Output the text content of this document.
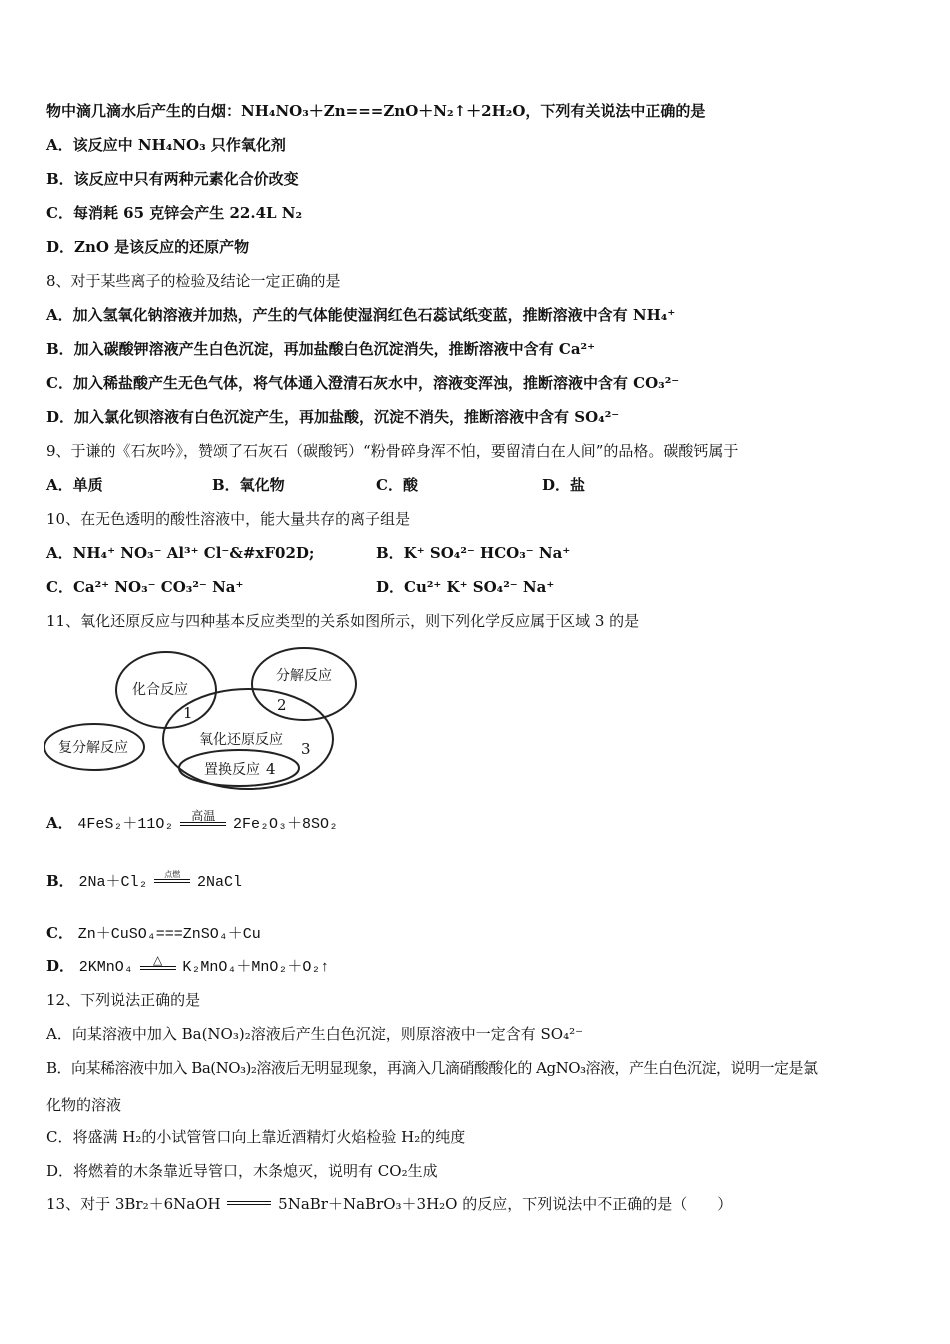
物中滴几滴水后产生的白烟：NH₄NO₃＋Zn===ZnO＋N₂↑＋2H₂O，下列有关说法中正确的是
A．该反应中 NH₄NO₃ 只作氧化剂
B．该反应中只有两种元素化合价改变
C．每消耗 65 克锌会产生 22.4L N₂
D．ZnO 是该反应的还原产物
8、对于某些离子的检验及结论一定正确的是
A．加入氢氧化钠溶液并加热，产生的气体能使湿润红色石蕊试纸变蓝，推断溶液中含有 NH₄⁺
B．加入碳酸钾溶液产生白色沉淀，再加盐酸白色沉淀消失，推断溶液中含有 Ca²⁺
C．加入稀盐酸产生无色气体，将气体通入澄清石灰水中，溶液变浑浊，推断溶液中含有 CO₃²⁻
D．加入氯化钡溶液有白色沉淀产生，再加盐酸，沉淀不消失，推断溶液中含有 SO₄²⁻
9、于谦的《石灰吟》，赞颂了石灰石（碳酸钙）“粉骨碎身浑不怕，要留清白在人间”的品格。碳酸钙属于
A．单质	B．氧化物	C．酸	D．盐
10、在无色透明的酸性溶液中，能大量共存的离子组是
A．NH₄⁺ NO₃⁻ Al³⁺ Cl⁻&#xF02D;	B．K⁺ SO₄²⁻ HCO₃⁻ Na⁺
C．Ca²⁺ NO₃⁻ CO₃²⁻ Na⁺	D．Cu²⁺ K⁺ SO₄²⁻ Na⁺
11、氧化还原反应与四种基本反应类型的关系如图所示，则下列化学反应属于区域 3 的是
化合反应
分解反应
复分解反应	氧化还原反应
置换反应
1	2
3
4
A． 4FeS₂＋11O₂	高温	2Fe₂O₃＋8SO₂
B． 2Na＋Cl₂	点燃	2NaCl
C． Zn＋CuSO₄===ZnSO₄＋Cu
D． 2KMnO₄	△	K₂MnO₄＋MnO₂＋O₂↑
12、下列说法正确的是
A．向某溶液中加入 Ba(NO₃)₂溶液后产生白色沉淀，则原溶液中一定含有 SO₄²⁻
B．向某稀溶液中加入 Ba(NO₃)₂溶液后无明显现象，再滴入几滴硝酸酸化的 AgNO₃溶液，产生白色沉淀，说明一定是氯
化物的溶液
C．将盛满 H₂的小试管管口向上靠近酒精灯火焰检验 H₂的纯度
D．将燃着的木条靠近导管口，木条熄灭，说明有 CO₂生成
13、对于 3Br₂＋6NaOH	5NaBr＋NaBrO₃＋3H₂O 的反应，下列说法中不正确的是（　　）
